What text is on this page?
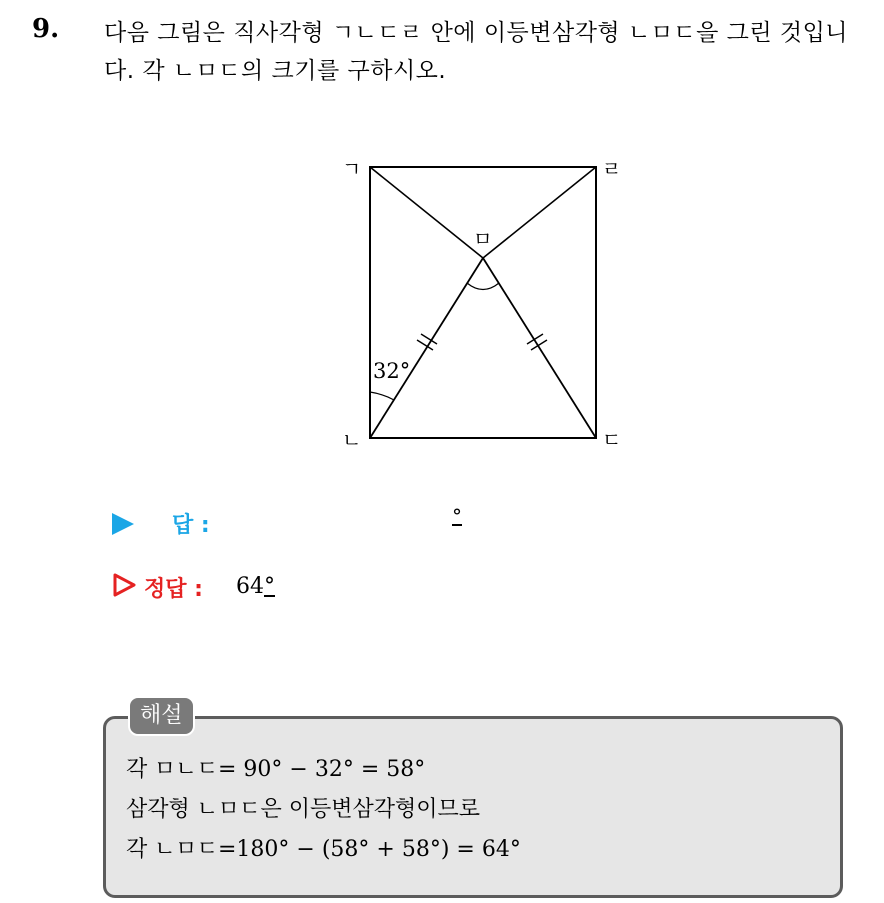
9. 다음 그림은 직사각형 ㄱㄴㄷㄹ 안에 이등변삼각형 ㄴㅁㄷ을 그린 것입니다. 각 ㄴㅁㄷ의 크기를 구하시오.
ㄱ	ㄹ
ㄴ	ㄷ
ㅁ
32°
답 :	°
정답 : 64°
해설
각 ㅁㄴㄷ= 90° − 32° = 58°
삼각형 ㄴㅁㄷ은 이등변삼각형이므로
각 ㄴㅁㄷ=180° − (58° + 58°) = 64°
